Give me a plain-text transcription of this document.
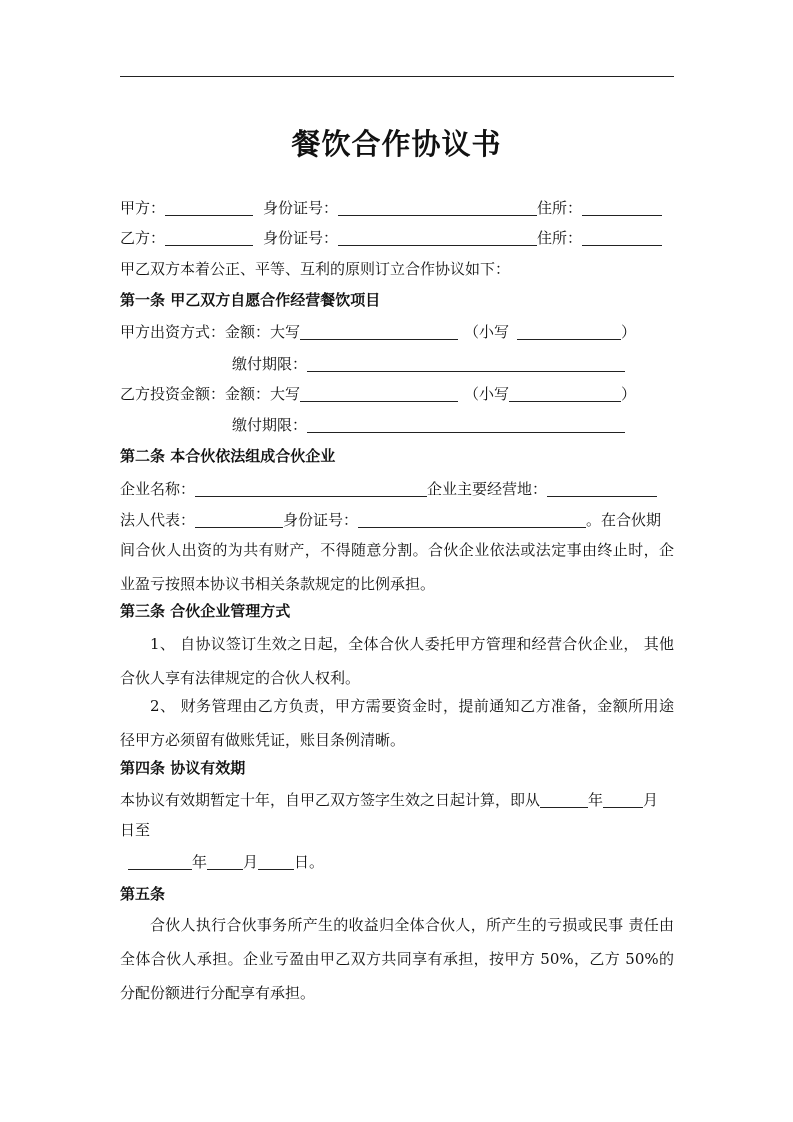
餐饮合作协议书
甲方：	身份证号：	住所：
乙方：	身份证号：	住所：
甲乙双方本着公正、平等、互利的原则订立合作协议如下：
第一条 甲乙双方自愿合作经营餐饮项目
甲方出资方式：金额：大写	（小写	）
缴付期限：
乙方投资金额：金额：大写	（小写	）
缴付期限：
第二条 本合伙依法组成合伙企业
企业名称：	企业主要经营地：
法人代表：	身份证号：	。在合伙期
间合伙人出资的为共有财产，不得随意分割。合伙企业依法或法定事由终止时，企业盈亏按照本协议书相关条款规定的比例承担。
第三条 合伙企业管理方式
1、 自协议签订生效之日起，全体合伙人委托甲方管理和经营合伙企业， 其他合伙人享有法律规定的合伙人权利。
2、 财务管理由乙方负责，甲方需要资金时，提前通知乙方准备，金额所用途径甲方必须留有做账凭证，账目条例清晰。
第四条 协议有效期
本协议有效期暂定十年，自甲乙双方签字生效之日起计算，即从	年	月
日至
年 月 日。
第五条
合伙人执行合伙事务所产生的收益归全体合伙人，所产生的亏损或民事 责任由全体合伙人承担。企业亏盈由甲乙双方共同享有承担，按甲方 50%，乙方 50%的分配份额进行分配享有承担。
